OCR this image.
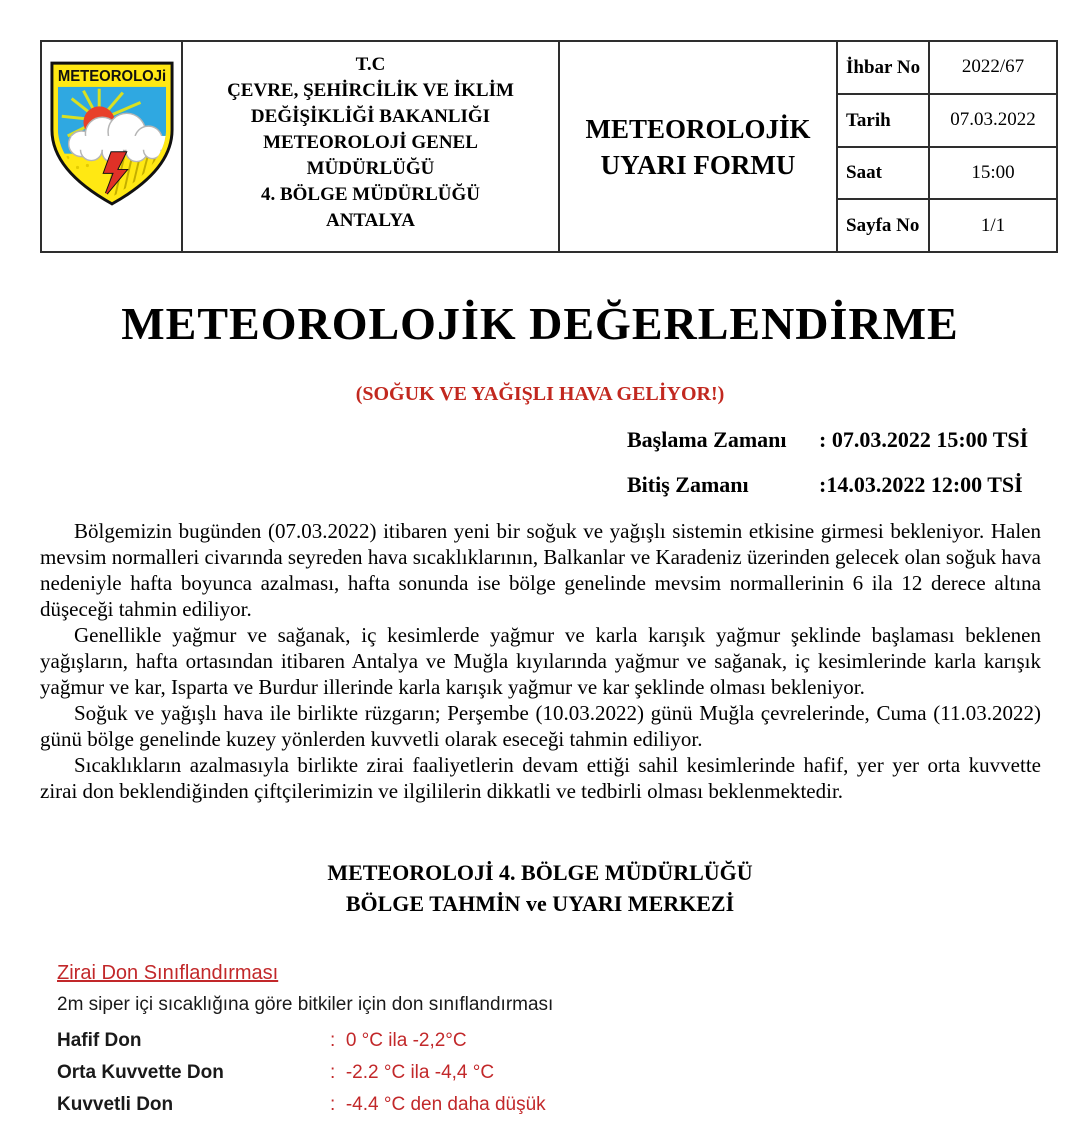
METEOROLOJi
T.C
ÇEVRE, ŞEHİRCİLİK VE İKLİM
DEĞİŞİKLİĞİ BAKANLIĞI
METEOROLOJİ GENEL
MÜDÜRLÜĞÜ
4. BÖLGE MÜDÜRLÜĞÜ
ANTALYA
METEOROLOJİK
UYARI FORMU
İhbar No	2022/67
Tarih	07.03.2022
Saat	15:00
Sayfa No	1/1
METEOROLOJİK DEĞERLENDİRME
(SOĞUK VE YAĞIŞLI HAVA GELİYOR!)
Başlama Zamanı	: 07.03.2022 15:00 TSİ
Bitiş Zamanı	:14.03.2022 12:00 TSİ

Bölgemizin bugünden (07.03.2022) itibaren yeni bir soğuk ve yağışlı sistemin etkisine girmesi bekleniyor. Halen mevsim normalleri civarında seyreden hava sıcaklıklarının, Balkanlar ve Karadeniz üzerinden gelecek olan soğuk hava nedeniyle hafta boyunca azalması, hafta sonunda ise bölge genelinde mevsim normallerinin 6 ila 12 derece altına düşeceği tahmin ediliyor.

Genellikle yağmur ve sağanak, iç kesimlerde yağmur ve karla karışık yağmur şeklinde başlaması beklenen yağışların, hafta ortasından itibaren Antalya ve Muğla kıyılarında yağmur ve sağanak, iç kesimlerinde karla karışık yağmur ve kar, Isparta ve Burdur illerinde karla karışık yağmur ve kar şeklinde olması bekleniyor.

Soğuk ve yağışlı hava ile birlikte rüzgarın; Perşembe (10.03.2022) günü Muğla çevrelerinde, Cuma (11.03.2022) günü bölge genelinde kuzey yönlerden kuvvetli olarak eseceği tahmin ediliyor.

Sıcaklıkların azalmasıyla birlikte zirai faaliyetlerin devam ettiği sahil kesimlerinde hafif, yer yer orta kuvvette zirai don beklendiğinden çiftçilerimizin ve ilgililerin dikkatli ve tedbirli olması beklenmektedir.

METEOROLOJİ 4. BÖLGE MÜDÜRLÜĞÜ
BÖLGE TAHMİN ve UYARI MERKEZİ
Zirai Don Sınıflandırması
2m siper içi sıcaklığına göre bitkiler için don sınıflandırması
Hafif Don	:  0 °C ila -2,2°C
Orta Kuvvette Don	:  -2.2 °C ila -4,4 °C
Kuvvetli Don	:  -4.4 °C den daha düşük
